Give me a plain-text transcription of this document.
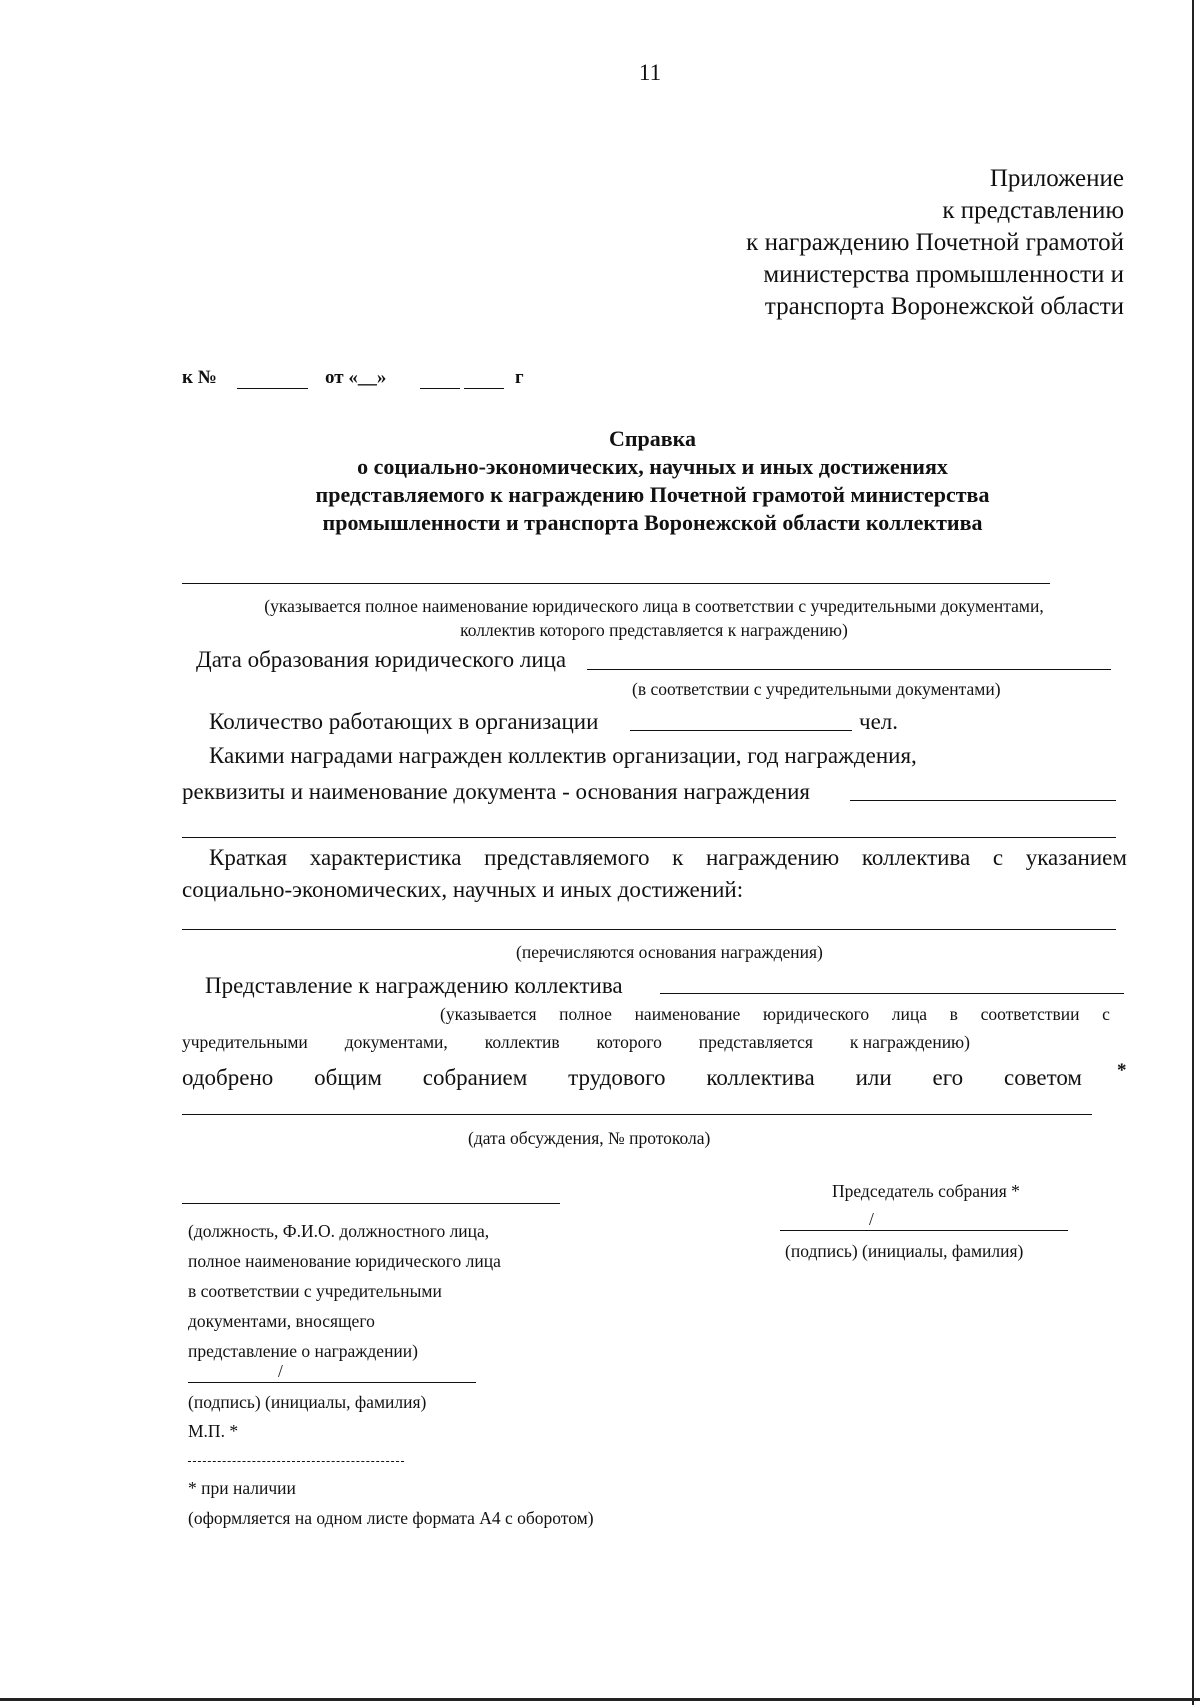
11
Приложение
к представлению
к награждению Почетной грамотой
министерства промышленности и
транспорта Воронежской области
к №	от «__»	г
Справка
о социально-экономических, научных и иных достижениях
представляемого к награждению Почетной грамотой министерства
промышленности и транспорта Воронежской области коллектива
(указывается полное наименование юридического лица в соответствии с учредительными документами,
коллектив которого представляется к награждению)
Дата образования юридического лица
(в соответствии с учредительными документами)
Количество работающих в организации	чел.
Какими наградами награжден коллектив организации, год награждения,
реквизиты и наименование документа - основания награждения
Краткая характеристика представляемого к награждению коллектива с указанием
социально-экономических, научных и иных достижений:
(перечисляются основания награждения)
Представление к награждению коллектива
(указывается полное наименование юридического лица в соответствии с
учредительными документами, коллектив которого представляется к награждению)
одобрено общим собранием трудового коллектива или его советом *
(дата обсуждения, № протокола)
Председатель собрания *
/
(подпись) (инициалы, фамилия)
(должность, Ф.И.О. должностного лица,
полное наименование юридического лица
в соответствии с учредительными
документами, вносящего
представление о награждении)
/
(подпись) (инициалы, фамилия)
М.П. *
* при наличии
(оформляется на одном листе формата А4 с оборотом)
